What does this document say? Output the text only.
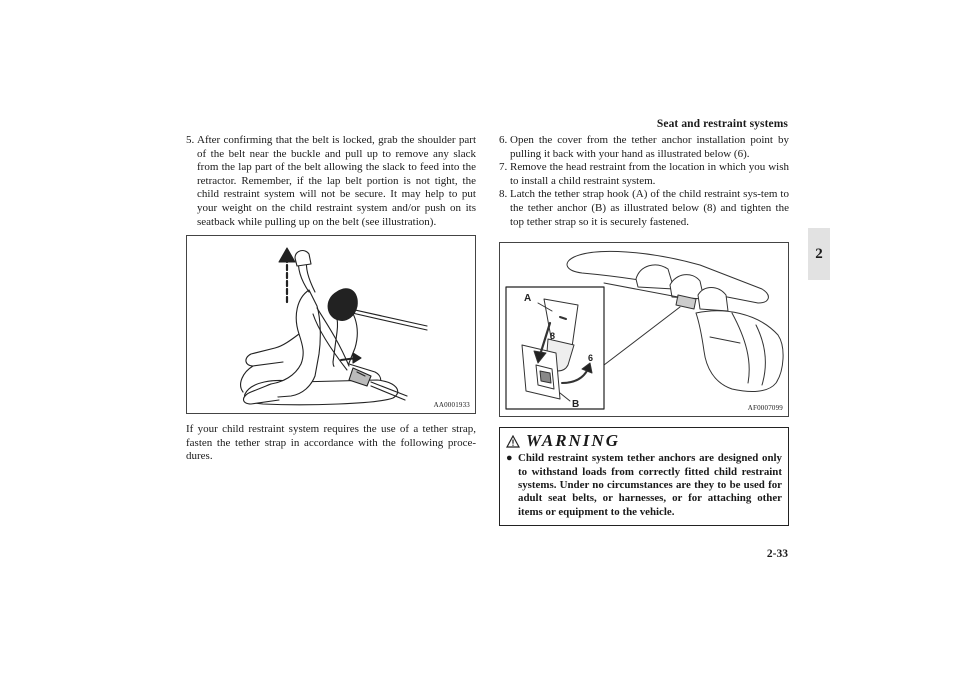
Seat and restraint systems
2
2-33

5. After confirming that the belt is locked, grab the shoulder part of the belt near the buckle and pull up to remove any slack from the lap part of the belt allowing the slack to feed into the retractor. Remember, if the lap belt portion is not tight, the child restraint system will not be secure. It may help to put your weight on the child restraint system and/or push on its seatback while pulling up on the belt (see illustration).

AA0001933

If your child restraint system requires the use of a tether strap, fasten the tether strap in accordance with the following proce-dures.

6. Open the cover from the tether anchor installation point by pulling it back with your hand as illustrated below (6).

7. Remove the head restraint from the location in which you wish to install a child restraint system.

8. Latch the tether strap hook (A) of the child restraint sys-tem to the tether anchor (B) as illustrated below (8) and tighten the top tether strap so it is securely fastened.

A
B
6
8
AF0007099
WARNING

● Child restraint system tether anchors are designed only to withstand loads from correctly fitted child restraint systems. Under no circumstances are they to be used for adult seat belts, or harnesses, or for attaching other items or equipment to the vehicle.
